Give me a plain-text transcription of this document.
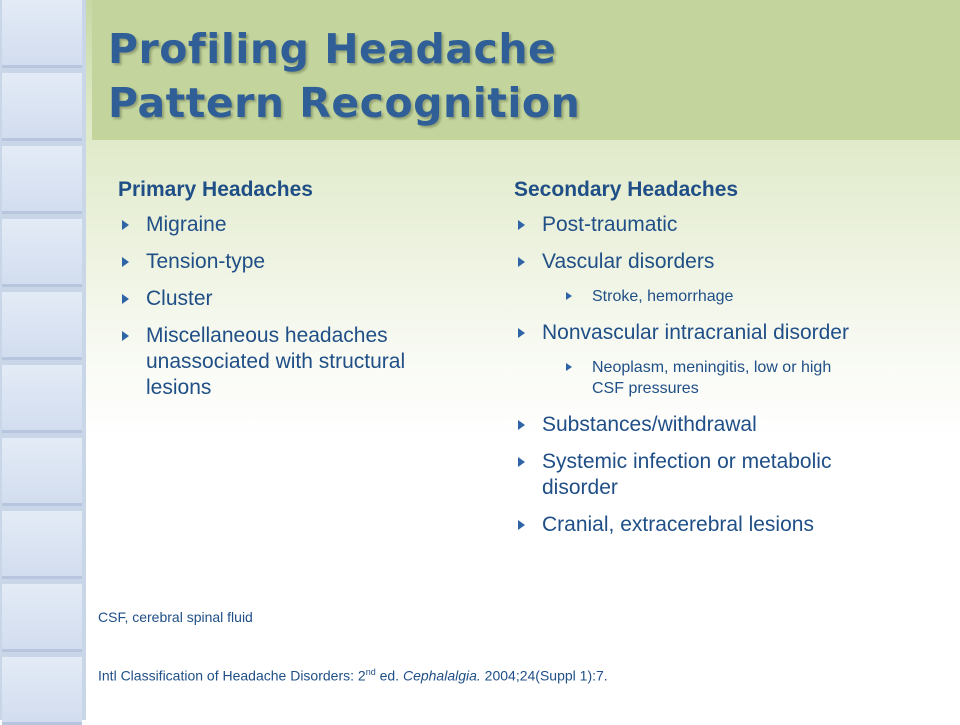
Profiling Headache
Pattern Recognition
Primary Headaches
Migraine
Tension-type
Cluster
Miscellaneous headaches unassociated with structural lesions
Secondary Headaches
Post-traumatic
Vascular disorders
Stroke, hemorrhage
Nonvascular intracranial disorder
Neoplasm, meningitis, low or high CSF pressures
Substances/withdrawal
Systemic infection or metabolic disorder
Cranial, extracerebral lesions
CSF, cerebral spinal fluid
Intl Classification of Headache Disorders: 2nd ed. Cephalalgia. 2004;24(Suppl 1):7.
